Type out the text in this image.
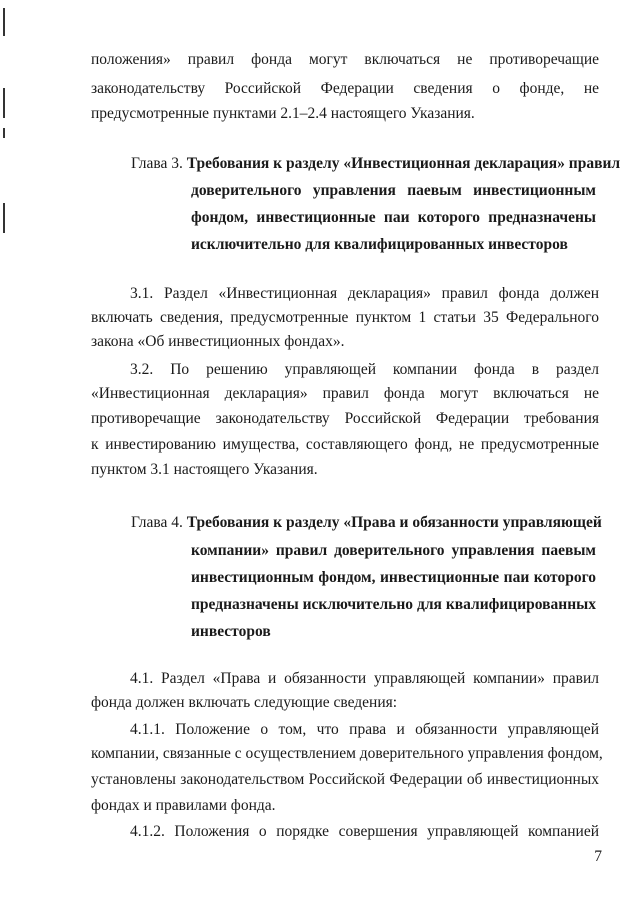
положения» правил фонда могут включаться не противоречащие
законодательству Российской Федерации сведения о фонде, не
предусмотренные пунктами 2.1–2.4 настоящего Указания.
Глава 3. Требования к разделу «Инвестиционная декларация» правил
доверительного управления паевым инвестиционным
фондом, инвестиционные паи которого предназначены
исключительно для квалифицированных инвесторов
3.1. Раздел «Инвестиционная декларация» правил фонда должен
включать сведения, предусмотренные пунктом 1 статьи 35 Федерального
закона «Об инвестиционных фондах».
3.2. По решению управляющей компании фонда в раздел
«Инвестиционная декларация» правил фонда могут включаться не
противоречащие законодательству Российской Федерации требования
к инвестированию имущества, составляющего фонд, не предусмотренные
пунктом 3.1 настоящего Указания.
Глава 4. Требования к разделу «Права и обязанности управляющей
компании» правил доверительного управления паевым
инвестиционным фондом, инвестиционные паи которого
предназначены исключительно для квалифицированных
инвесторов
4.1. Раздел «Права и обязанности управляющей компании» правил
фонда должен включать следующие сведения:
4.1.1. Положение о том, что права и обязанности управляющей
компании, связанные с осуществлением доверительного управления фондом,
установлены законодательством Российской Федерации об инвестиционных
фондах и правилами фонда.
4.1.2. Положения о порядке совершения управляющей компанией
7
